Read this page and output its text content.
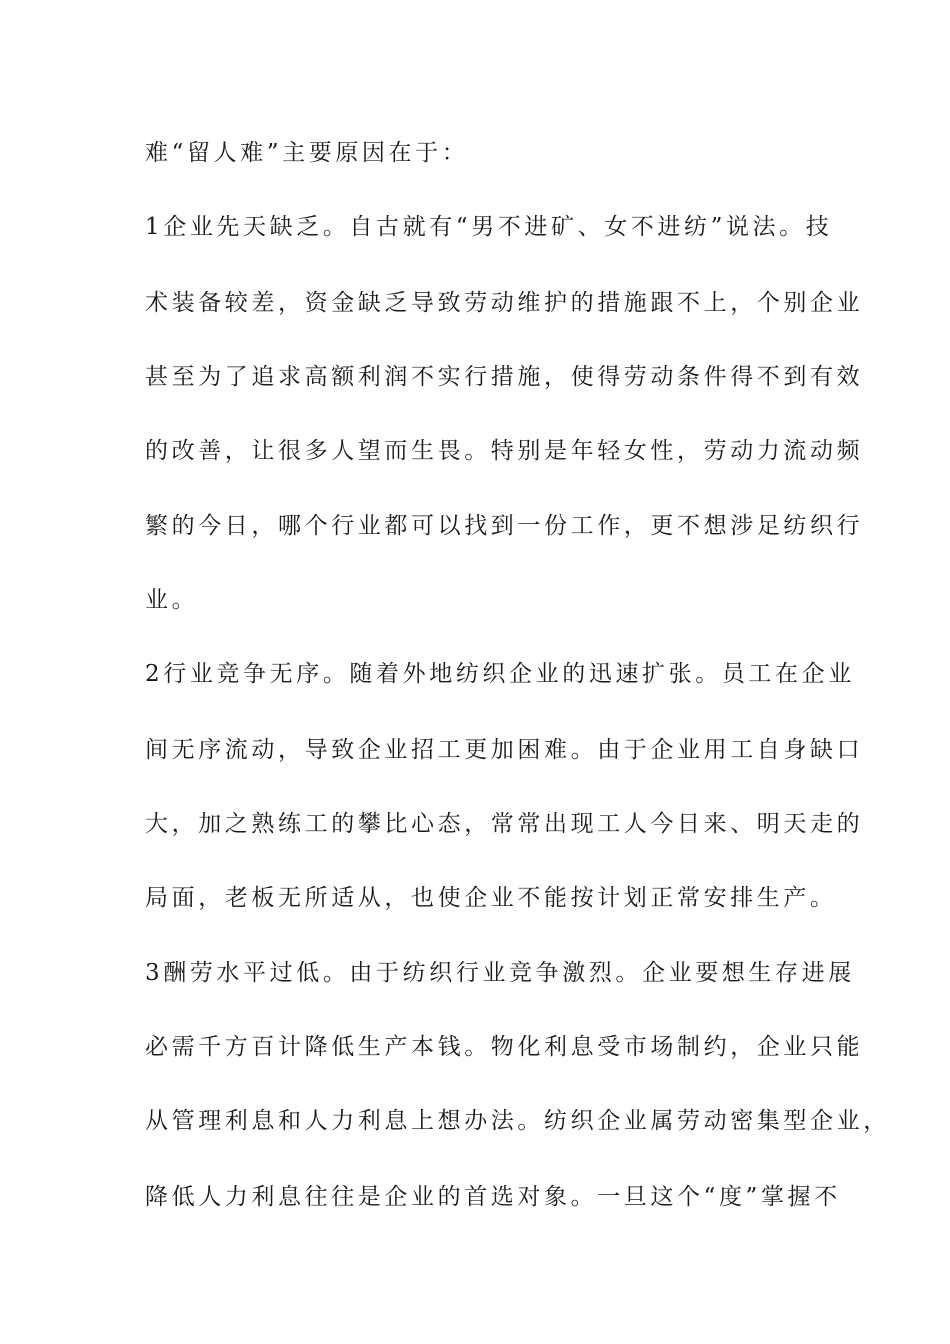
难“留人难”主要原因在于：
1企业先天缺乏。自古就有“男不进矿、女不进纺”说法。技
术装备较差，资金缺乏导致劳动维护的措施跟不上，个别企业
甚至为了追求高额利润不实行措施，使得劳动条件得不到有效
的改善，让很多人望而生畏。特别是年轻女性，劳动力流动频
繁的今日，哪个行业都可以找到一份工作，更不想涉足纺织行
业。
2行业竞争无序。随着外地纺织企业的迅速扩张。员工在企业
间无序流动，导致企业招工更加困难。由于企业用工自身缺口
大，加之熟练工的攀比心态，常常出现工人今日来、明天走的
局面，老板无所适从，也使企业不能按计划正常安排生产。
3酬劳水平过低。由于纺织行业竞争激烈。企业要想生存进展
必需千方百计降低生产本钱。物化利息受市场制约，企业只能
从管理利息和人力利息上想办法。纺织企业属劳动密集型企业，
降低人力利息往往是企业的首选对象。一旦这个“度”掌握不
